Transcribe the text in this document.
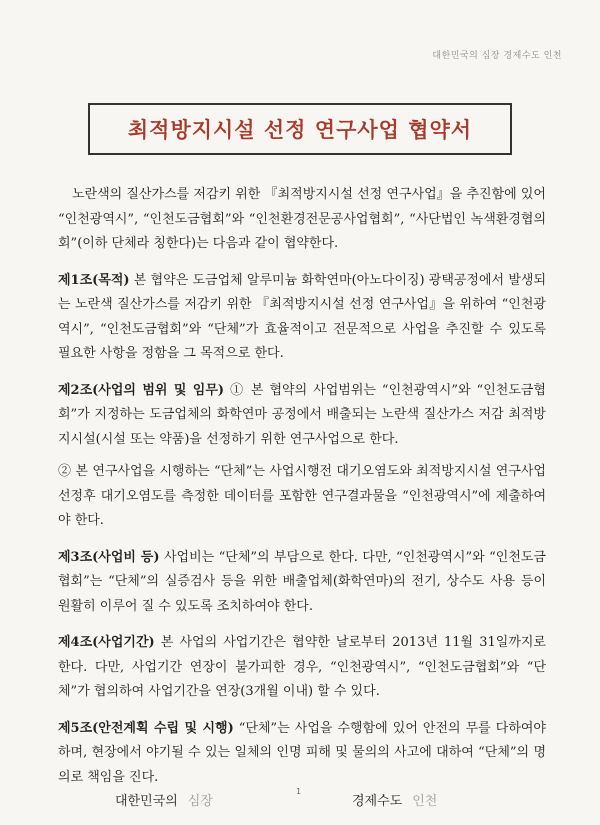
대한민국의 심장 경제수도 인천
최적방지시설 선정 연구사업 협약서

노란색의 질산가스를 저감키 위한 『최적방지시설 선정 연구사업』을 추진함에 있어 “인천광역시”, “인천도금협회”와 “인천환경전문공사업협회”, “사단법인 녹색환경협의회”(이하 단체라 칭한다)는 다음과 같이 협약한다.

제1조(목적) 본 협약은 도금업체 알루미늄 화학연마(아노다이징) 광택공정에서 발생되는 노란색 질산가스를 저감키 위한 『최적방지시설 선정 연구사업』을 위하여 “인천광역시”, “인천도금협회”와 “단체”가 효율적이고 전문적으로 사업을 추진할 수 있도록 필요한 사항을 정함을 그 목적으로 한다.

제2조(사업의 범위 및 임무) ① 본 협약의 사업범위는 “인천광역시”와 “인천도금협회”가 지정하는 도금업체의 화학연마 공정에서 배출되는 노란색 질산가스 저감 최적방지시설(시설 또는 약품)을 선정하기 위한 연구사업으로 한다.

② 본 연구사업을 시행하는 “단체”는 사업시행전 대기오염도와 최적방지시설 연구사업 선정후 대기오염도를 측정한 데이터를 포함한 연구결과물을 “인천광역시”에 제출하여야 한다.

제3조(사업비 등) 사업비는 “단체”의 부담으로 한다. 다만, “인천광역시”와 “인천도금협회”는 “단체”의 실증검사 등을 위한 배출업체(화학연마)의 전기, 상수도 사용 등이 원활히 이루어 질 수 있도록 조치하여야 한다.

제4조(사업기간) 본 사업의 사업기간은 협약한 날로부터 2013년 11월 31일까지로 한다. 다만, 사업기간 연장이 불가피한 경우, “인천광역시”, “인천도금협회”와 “단체”가 협의하여 사업기간을 연장(3개월 이내) 할 수 있다.

제5조(안전계획 수립 및 시행) “단체”는 사업을 수행함에 있어 안전의 무를 다하여야 하며, 현장에서 야기될 수 있는 일체의 인명 피해 및 물의의 사고에 대하여 “단체”의 명의로 책임을 진다.

1
대한민국의 심장	경제수도 인천
